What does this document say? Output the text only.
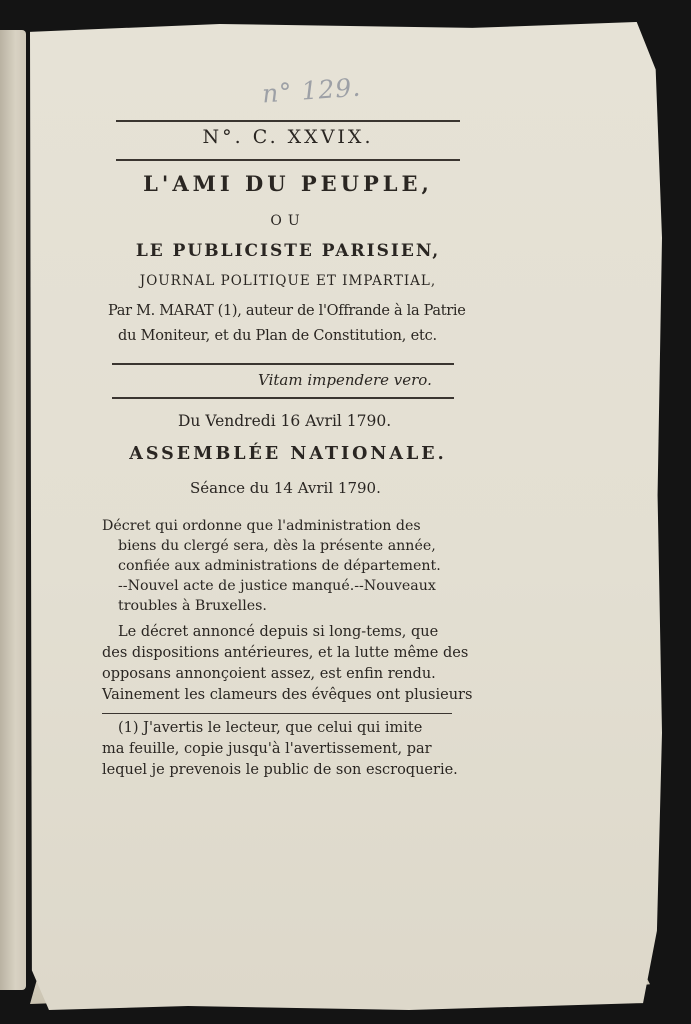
n° 129.
N°. C. XXVIX.
L'AMI DU PEUPLE,
OU
LE PUBLICISTE PARISIEN,
JOURNAL POLITIQUE ET IMPARTIAL,
Par M. MARAT (1), auteur de l'Offrande à la Patrie
du Moniteur, et du Plan de Constitution, etc.
Vitam impendere vero.
Du Vendredi 16 Avril 1790.
ASSEMBLÉE NATIONALE.
Séance du 14 Avril 1790.
Décret qui ordonne que l'administration des
biens du clergé sera, dès la présente année,
confiée aux administrations de département.
--Nouvel acte de justice manqué.--Nouveaux
troubles à Bruxelles.
Le décret annoncé depuis si long-tems, que
des dispositions antérieures, et la lutte même des
opposans annonçoient assez, est enfin rendu.
Vainement les clameurs des évêques ont plusieurs
(1) J'avertis le lecteur, que celui qui imite
ma feuille, copie jusqu'à l'avertissement, par
lequel je prevenois le public de son escroquerie.
